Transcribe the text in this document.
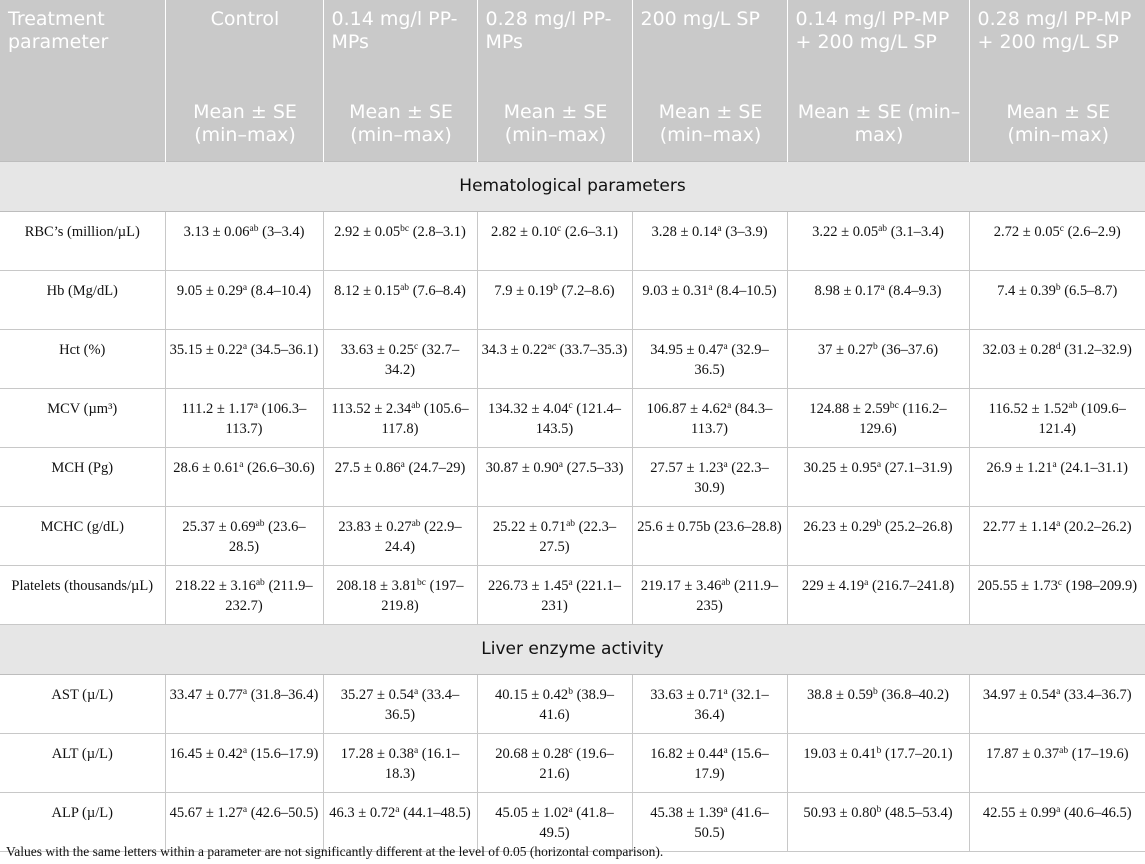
Treatment parameter	Control	0.14 mg/l PP-MPs	0.28 mg/l PP-MPs	200 mg/L SP	0.14 mg/l PP-MP + 200 mg/L SP	0.28 mg/l PP-MP + 200 mg/L SP
	Mean ± SE (min–max)	Mean ± SE (min–max)	Mean ± SE (min–max)	Mean ± SE (min–max)	Mean ± SE (min–max)	Mean ± SE (min–max)
Hematological parameters						
RBC’s (million/µL)	3.13 ± 0.06$^{ab}$ (3–3.4)	2.92 ± 0.05$^{bc}$ (2.8–3.1)	2.82 ± 0.10$^c$ (2.6–3.1)	3.28 ± 0.14$^a$ (3–3.9)	3.22 ± 0.05$^{ab}$ (3.1–3.4)	2.72 ± 0.05$^c$ (2.6–2.9)
Hb (Mg/dL)	9.05 ± 0.29$^a$ (8.4–10.4)	8.12 ± 0.15$^{ab}$ (7.6–8.4)	7.9 ± 0.19$^b$ (7.2–8.6)	9.03 ± 0.31$^a$ (8.4–10.5)	8.98 ± 0.17$^a$ (8.4–9.3)	7.4 ± 0.39$^b$ (6.5–8.7)
Hct (%)	35.15 ± 0.22$^a$ (34.5–36.1)	33.63 ± 0.25$^c$ (32.7–34.2)	34.3 ± 0.22$^{ac}$ (33.7–35.3)	34.95 ± 0.47$^a$ (32.9–36.5)	37 ± 0.27$^b$ (36–37.6)	32.03 ± 0.28$^d$ (31.2–32.9)
MCV (µm³)	111.2 ± 1.17$^a$ (106.3–113.7)	113.52 ± 2.34$^{ab}$ (105.6–117.8)	134.32 ± 4.04$^c$ (121.4–143.5)	106.87 ± 4.62$^a$ (84.3–113.7)	124.88 ± 2.59$^{bc}$ (116.2–129.6)	116.52 ± 1.52$^{ab}$ (109.6–121.4)
MCH (Pg)	28.6 ± 0.61$^a$ (26.6–30.6)	27.5 ± 0.86$^a$ (24.7–29)	30.87 ± 0.90$^a$ (27.5–33)	27.57 ± 1.23$^a$ (22.3–30.9)	30.25 ± 0.95$^a$ (27.1–31.9)	26.9 ± 1.21$^a$ (24.1–31.1)
MCHC (g/dL)	25.37 ± 0.69$^{ab}$ (23.6–28.5)	23.83 ± 0.27$^{ab}$ (22.9–24.4)	25.22 ± 0.71$^{ab}$ (22.3–27.5)	25.6 ± 0.75b (23.6–28.8)	26.23 ± 0.29$^b$ (25.2–26.8)	22.77 ± 1.14$^a$ (20.2–26.2)
Platelets (thousands/µL)	218.22 ± 3.16$^{ab}$ (211.9–232.7)	208.18 ± 3.81$^{bc}$ (197–219.8)	226.73 ± 1.45$^a$ (221.1–231)	219.17 ± 3.46$^{ab}$ (211.9–235)	229 ± 4.19$^a$ (216.7–241.8)	205.55 ± 1.73$^c$ (198–209.9)
Liver enzyme activity						
AST (µ/L)	33.47 ± 0.77$^a$ (31.8–36.4)	35.27 ± 0.54$^a$ (33.4–36.5)	40.15 ± 0.42$^b$ (38.9–41.6)	33.63 ± 0.71$^a$ (32.1–36.4)	38.8 ± 0.59$^b$ (36.8–40.2)	34.97 ± 0.54$^a$ (33.4–36.7)
ALT (µ/L)	16.45 ± 0.42$^a$ (15.6–17.9)	17.28 ± 0.38$^a$ (16.1–18.3)	20.68 ± 0.28$^c$ (19.6–21.6)	16.82 ± 0.44$^a$ (15.6–17.9)	19.03 ± 0.41$^b$ (17.7–20.1)	17.87 ± 0.37$^{ab}$ (17–19.6)
ALP (µ/L)	45.67 ± 1.27$^a$ (42.6–50.5)	46.3 ± 0.72$^a$ (44.1–48.5)	45.05 ± 1.02$^a$ (41.8–49.5)	45.38 ± 1.39$^a$ (41.6–50.5)	50.93 ± 0.80$^b$ (48.5–53.4)	42.55 ± 0.99$^a$ (40.6–46.5)
Values with the same letters within a parameter are not significantly different at the level of 0.05 (horizontal comparison).
